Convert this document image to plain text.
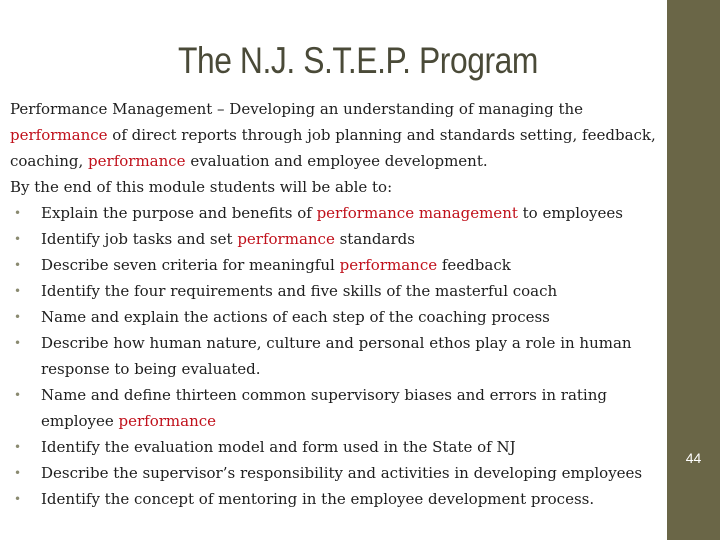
44
The N.J. S.T.E.P. Program

Performance Management – Developing an understanding of managing the
performance of direct reports through job planning and standards setting, feedback, coaching, performance evaluation and employee development.

By the end of this module students will be able to:

• Explain the purpose and benefits of performance management to employees
• Identify job tasks and set performance standards
• Describe seven criteria for meaningful performance feedback
• Identify the four requirements and five skills of the masterful coach
• Name and explain the actions of each step of the coaching process
• Describe how human nature, culture and personal ethos play a role in human response to being evaluated.
• Name and define thirteen common supervisory biases and errors in rating employee performance
• Identify the evaluation model and form used in the State of NJ
• Describe the supervisor’s responsibility and activities in developing employees
• Identify the concept of mentoring in the employee development process.
